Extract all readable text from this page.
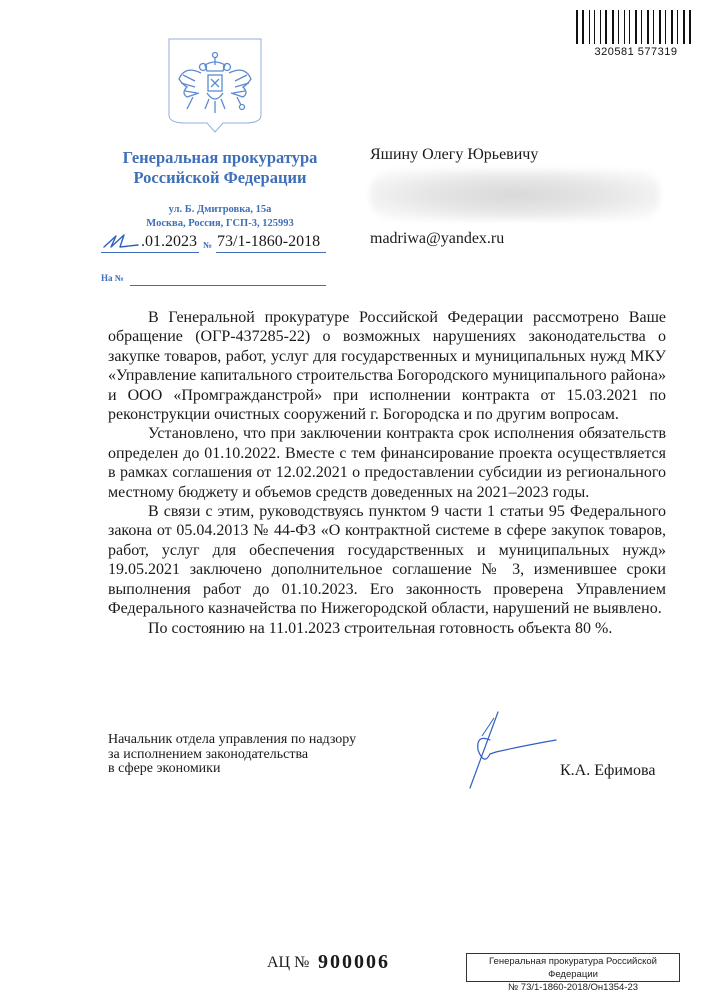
320581 577319
Генеральная прокуратура
Российской Федерации
ул. Б. Дмитровка, 15а
Москва, Россия, ГСП-3, 125993
.01.2023 № 73/1-1860-2018
На №
Яшину Олегу Юрьевичу
madriwa@yandex.ru

В Генеральной прокуратуре Российской Федерации рассмотрено Ваше обращение (ОГР-437285-22) о возможных нарушениях законодательства о закупке товаров, работ, услуг для государственных и муниципальных нужд МКУ «Управление капитального строительства Богородского муниципального района» и ООО «Промгражданстрой» при исполнении контракта от 15.03.2021 по реконструкции очистных сооружений г. Богородска и по другим вопросам.

Установлено, что при заключении контракта срок исполнения обязательств определен до 01.10.2022. Вместе с тем финансирование проекта осуществляется в рамках соглашения от 12.02.2021 о предоставлении субсидии из регионального местному бюджету и объемов средств доведенных на 2021–2023 годы.

В связи с этим, руководствуясь пунктом 9 части 1 статьи 95 Федерального закона от 05.04.2013 № 44-ФЗ «О контрактной системе в сфере закупок товаров, работ, услуг для обеспечения государственных и муниципальных нужд» 19.05.2021 заключено дополнительное соглашение № 3, изменившее сроки выполнения работ до 01.10.2023. Его законность проверена Управлением Федерального казначейства по Нижегородской области, нарушений не выявлено.

По состоянию на 11.01.2023 строительная готовность объекта 80 %.

Начальник отдела управления по надзору
за исполнением законодательства
в сфере экономики	К.А. Ефимова
АЦ № 900006	Генеральная прокуратура Российской Федерации
№ 73/1-1860-2018/Он1354-23
